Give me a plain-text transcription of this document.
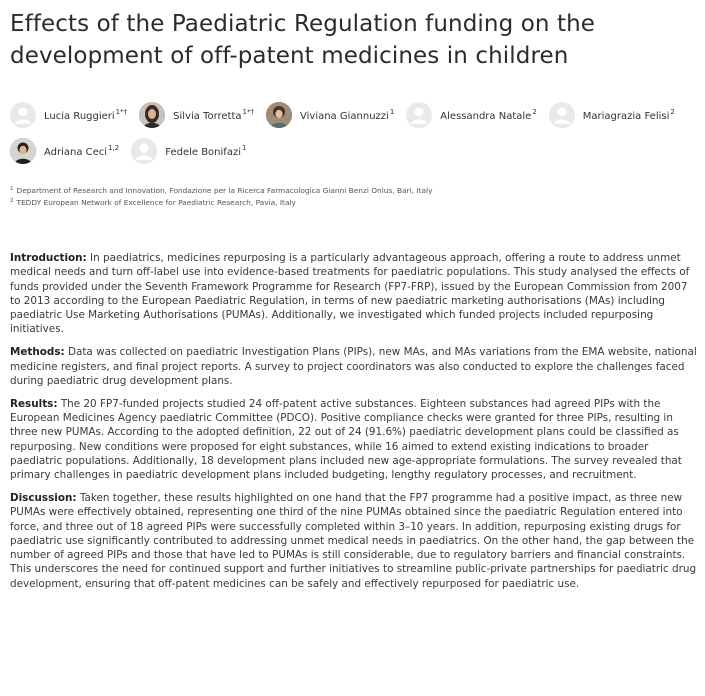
Effects of the Paediatric Regulation funding on the development of off-patent medicines in children
Lucia Ruggieri$^{1*\dagger}$	Silvia Torretta$^{1*\dagger}$	Viviana Giannuzzi$^1$	Alessandra Natale$^2$	Mariagrazia Felisi$^2$
Adriana Ceci$^{1,2}$	Fedele Bonifazi$^1$
$^1$ Department of Research and Innovation, Fondazione per la Ricerca Farmacologica Gianni Benzi Onlus, Bari, Italy
$^2$ TEDDY European Network of Excellence for Paediatric Research, Pavia, Italy

Introduction: In paediatrics, medicines repurposing is a particularly advantageous approach, offering a route to address unmet medical needs and turn off-label use into evidence-based treatments for paediatric populations. This study analysed the effects of funds provided under the Seventh Framework Programme for Research (FP7-FRP), issued by the European Commission from 2007 to 2013 according to the European Paediatric Regulation, in terms of new paediatric marketing authorisations (MAs) including paediatric Use Marketing Authorisations (PUMAs). Additionally, we investigated which funded projects included repurposing initiatives.

Methods: Data was collected on paediatric Investigation Plans (PIPs), new MAs, and MAs variations from the EMA website, national medicine registers, and final project reports. A survey to project coordinators was also conducted to explore the challenges faced during paediatric drug development plans.

Results: The 20 FP7-funded projects studied 24 off-patent active substances. Eighteen substances had agreed PIPs with the European Medicines Agency paediatric Committee (PDCO). Positive compliance checks were granted for three PIPs, resulting in three new PUMAs. According to the adopted definition, 22 out of 24 (91.6%) paediatric development plans could be classified as repurposing. New conditions were proposed for eight substances, while 16 aimed to extend existing indications to broader paediatric populations. Additionally, 18 development plans included new age-appropriate formulations. The survey revealed that primary challenges in paediatric development plans included budgeting, lengthy regulatory processes, and recruitment.

Discussion: Taken together, these results highlighted on one hand that the FP7 programme had a positive impact, as three new PUMAs were effectively obtained, representing one third of the nine PUMAs obtained since the paediatric Regulation entered into force, and three out of 18 agreed PIPs were successfully completed within 3–10 years. In addition, repurposing existing drugs for paediatric use significantly contributed to addressing unmet medical needs in paediatrics. On the other hand, the gap between the number of agreed PIPs and those that have led to PUMAs is still considerable, due to regulatory barriers and financial constraints. This underscores the need for continued support and further initiatives to streamline public-private partnerships for paediatric drug development, ensuring that off-patent medicines can be safely and effectively repurposed for paediatric use.
